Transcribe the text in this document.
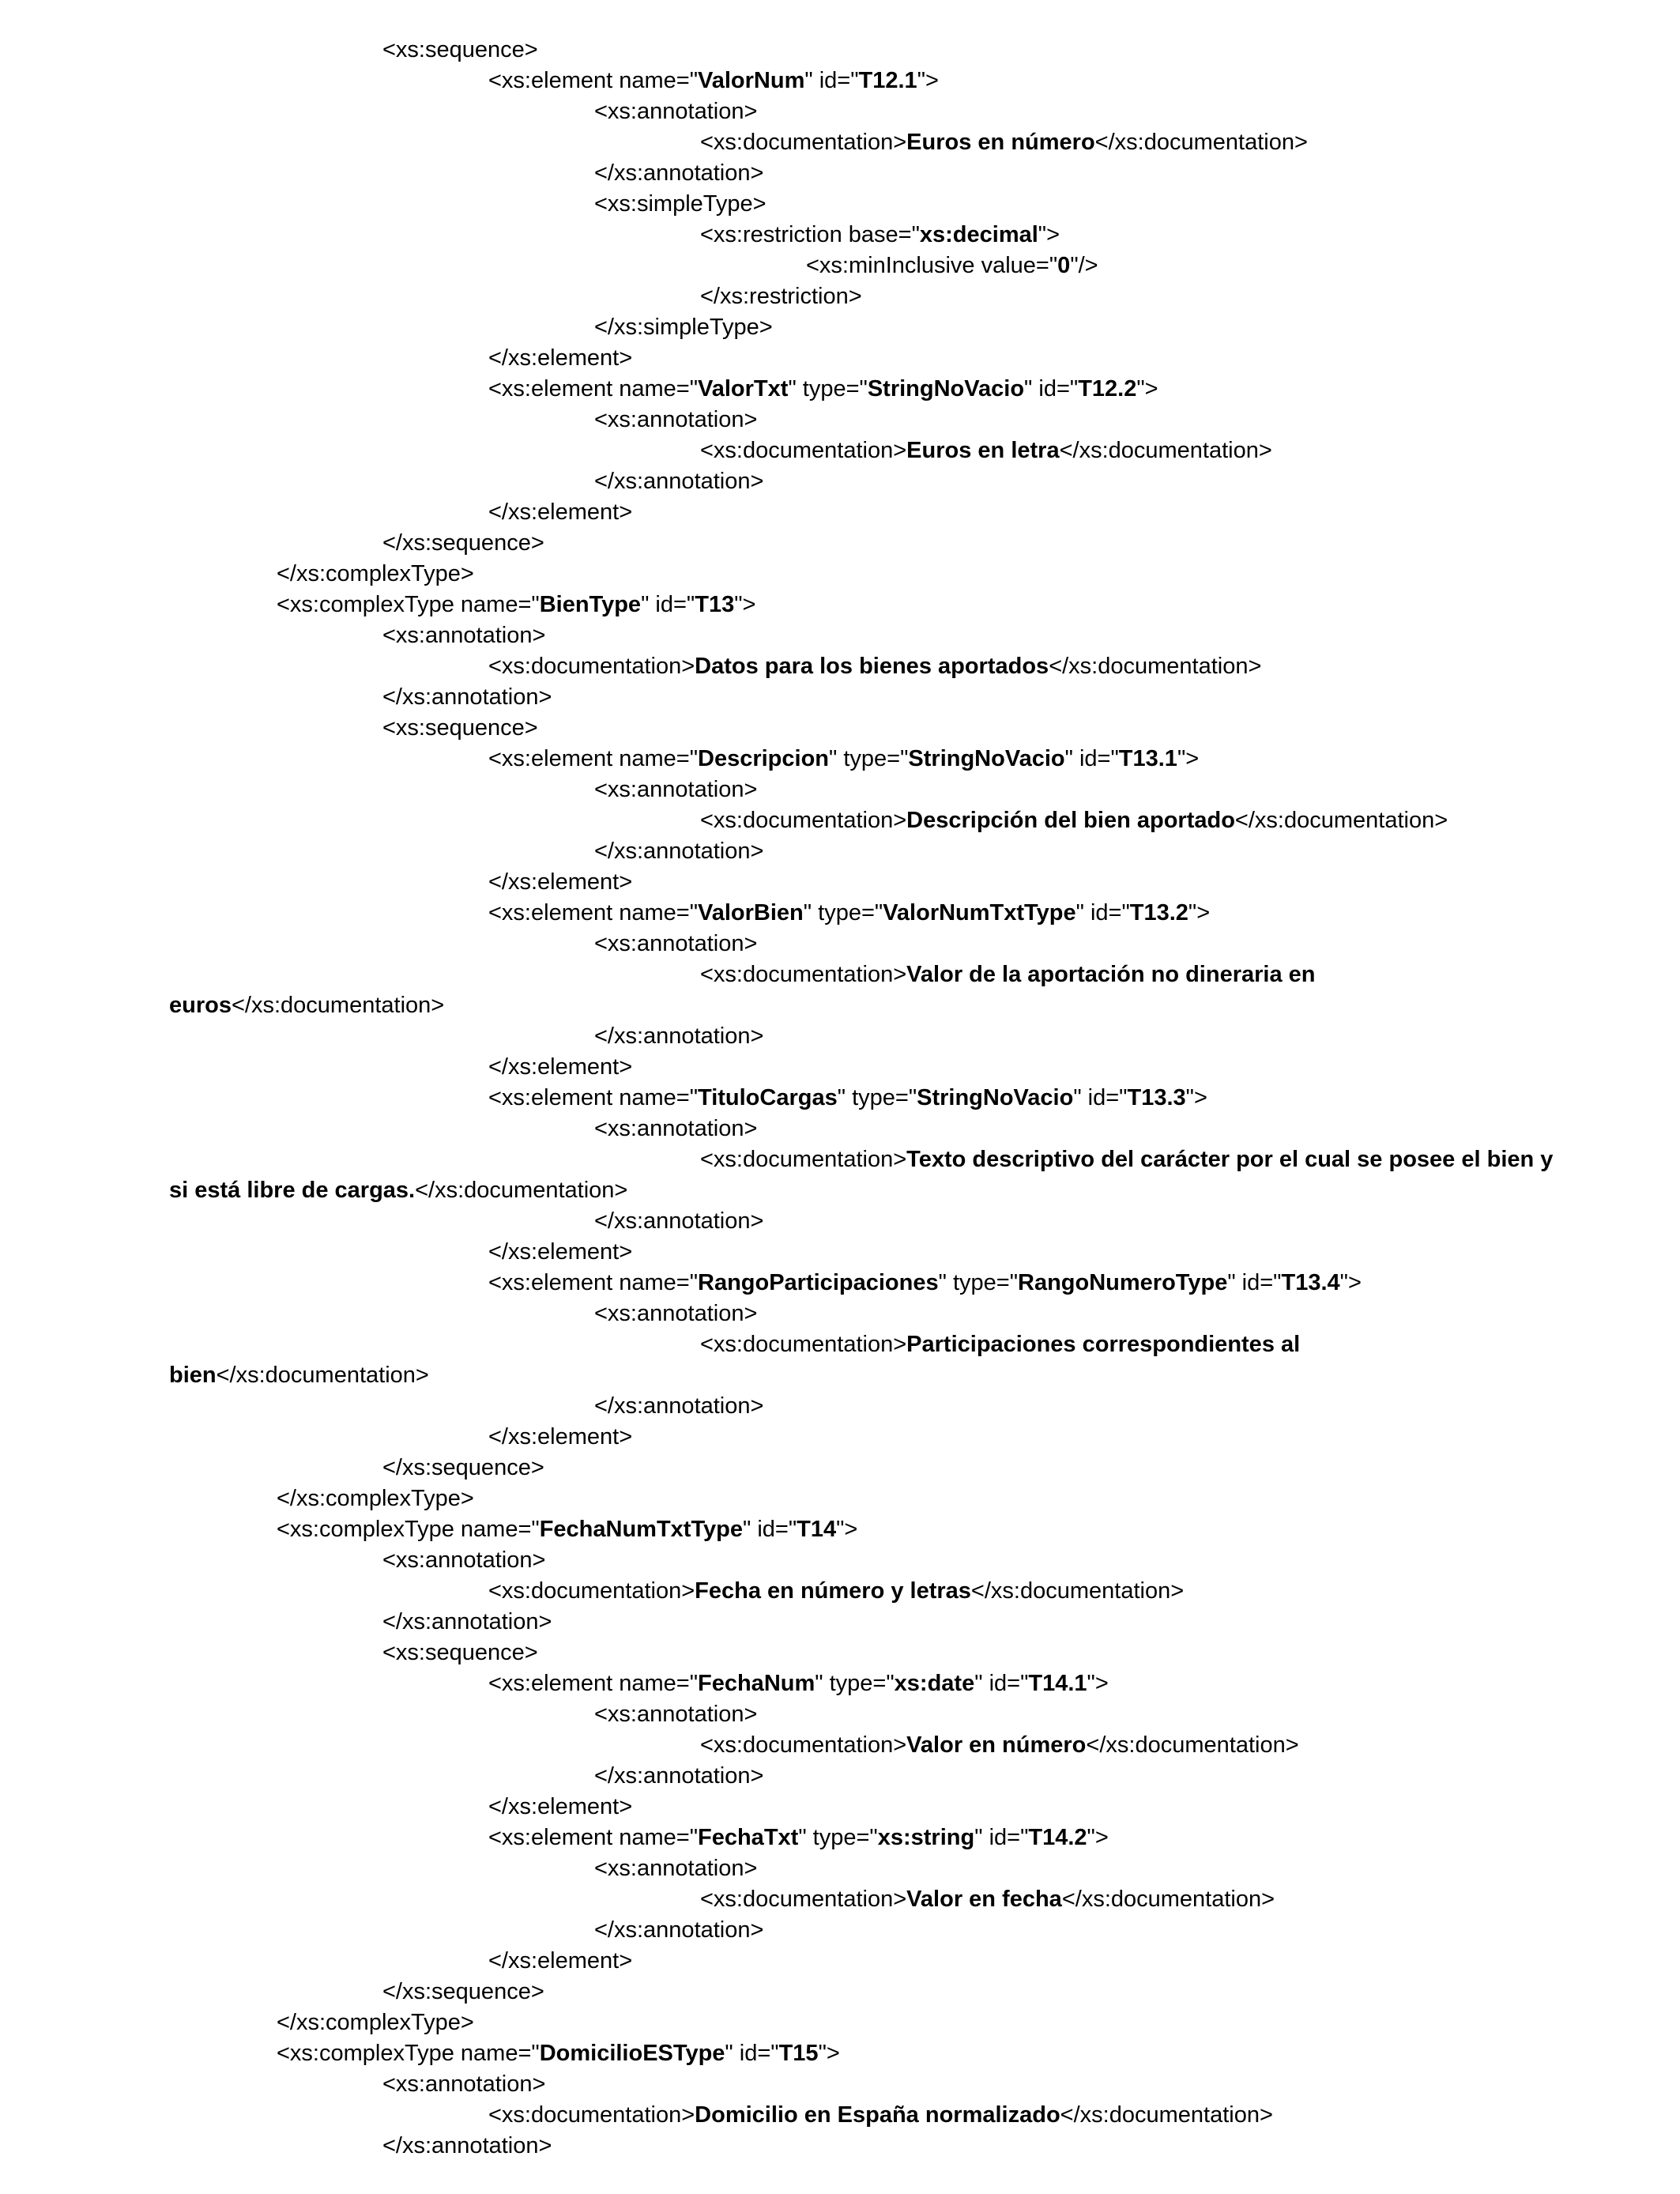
<xs:sequence>
<xs:element name="ValorNum" id="T12.1">
<xs:annotation>
<xs:documentation>Euros en número</xs:documentation>
</xs:annotation>
<xs:simpleType>
<xs:restriction base="xs:decimal">
<xs:minInclusive value="0"/>
</xs:restriction>
</xs:simpleType>
</xs:element>
<xs:element name="ValorTxt" type="StringNoVacio" id="T12.2">
<xs:annotation>
<xs:documentation>Euros en letra</xs:documentation>
</xs:annotation>
</xs:element>
</xs:sequence>
</xs:complexType>
<xs:complexType name="BienType" id="T13">
<xs:annotation>
<xs:documentation>Datos para los bienes aportados</xs:documentation>
</xs:annotation>
<xs:sequence>
<xs:element name="Descripcion" type="StringNoVacio" id="T13.1">
<xs:annotation>
<xs:documentation>Descripción del bien aportado</xs:documentation>
</xs:annotation>
</xs:element>
<xs:element name="ValorBien" type="ValorNumTxtType" id="T13.2">
<xs:annotation>
<xs:documentation>Valor de la aportación no dineraria en
euros</xs:documentation>
</xs:annotation>
</xs:element>
<xs:element name="TituloCargas" type="StringNoVacio" id="T13.3">
<xs:annotation>
<xs:documentation>Texto descriptivo del carácter por el cual se posee el bien y
si está libre de cargas.</xs:documentation>
</xs:annotation>
</xs:element>
<xs:element name="RangoParticipaciones" type="RangoNumeroType" id="T13.4">
<xs:annotation>
<xs:documentation>Participaciones correspondientes al
bien</xs:documentation>
</xs:annotation>
</xs:element>
</xs:sequence>
</xs:complexType>
<xs:complexType name="FechaNumTxtType" id="T14">
<xs:annotation>
<xs:documentation>Fecha en número y letras</xs:documentation>
</xs:annotation>
<xs:sequence>
<xs:element name="FechaNum" type="xs:date" id="T14.1">
<xs:annotation>
<xs:documentation>Valor en número</xs:documentation>
</xs:annotation>
</xs:element>
<xs:element name="FechaTxt" type="xs:string" id="T14.2">
<xs:annotation>
<xs:documentation>Valor en fecha</xs:documentation>
</xs:annotation>
</xs:element>
</xs:sequence>
</xs:complexType>
<xs:complexType name="DomicilioESType" id="T15">
<xs:annotation>
<xs:documentation>Domicilio en España normalizado</xs:documentation>
</xs:annotation>
